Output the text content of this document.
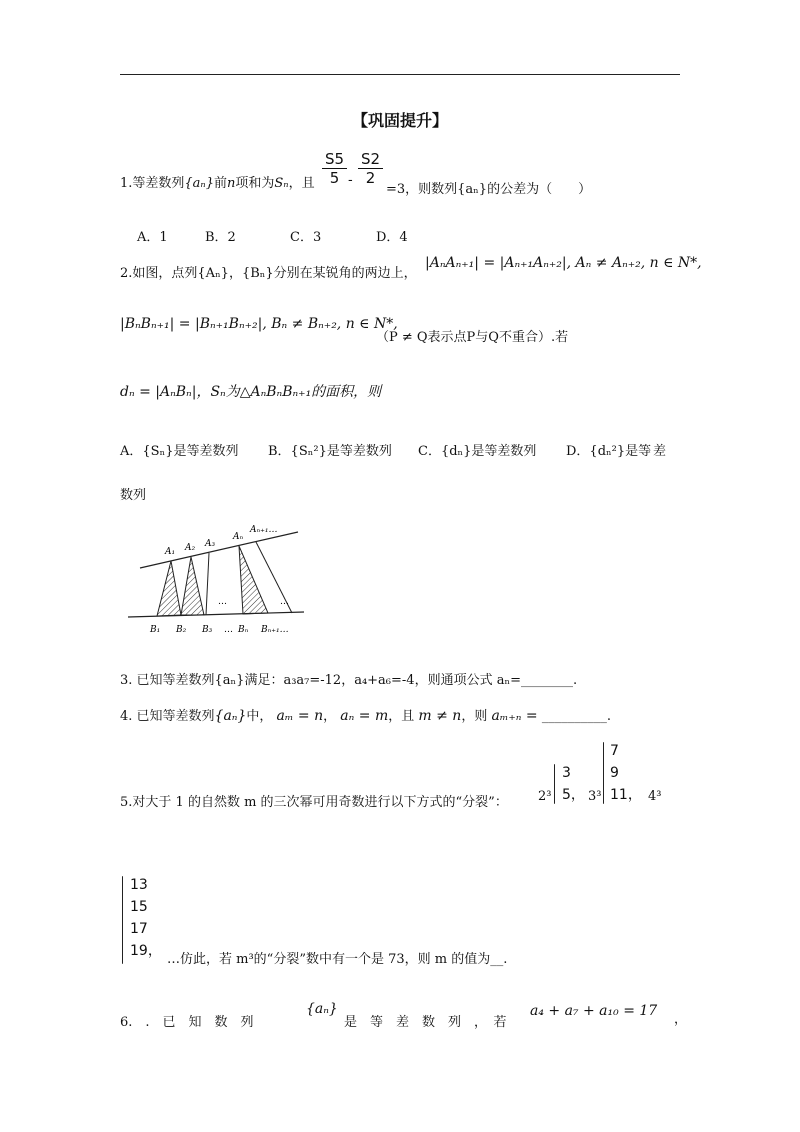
【巩固提升】
1.等差数列{aₙ}前n项和为Sₙ，且 $\frac{S5}{5} - \frac{S2}{2}$
=3，则数列{aₙ}的公差为（　　）
A．1	B．2	C．3	D．4
2.如图，点列{Aₙ}，{Bₙ}分别在某锐角的两边上，
|AₙAₙ₊₁| = |Aₙ₊₁Aₙ₊₂|, Aₙ ≠ Aₙ₊₂, n ∈ N*,
|BₙBₙ₊₁| = |Bₙ₊₁Bₙ₊₂|, Bₙ ≠ Bₙ₊₂, n ∈ N*,
（P ≠ Q表示点P与Q不重合）.若
dₙ = |AₙBₙ|，Sₙ为△AₙBₙBₙ₊₁的面积，则
A．{Sₙ}是等差数列 B．{Sₙ²}是等差数列 C．{dₙ}是等差数列 D．{dₙ²}是等 差
数列
A₁ A₂ A₃
Aₙ
Aₙ₊₁…
…	…
B₁ B₂ B₃ … Bₙ Bₙ₊₁…
3. 已知等差数列{aₙ}满足：a₃a₇=-12，a₄+a₆=-4，则通项公式 aₙ=________.
4. 已知等差数列{aₙ}中， aₘ = n， aₙ = m，且 m ≠ n，则 aₘ₊ₙ = __________.
5.对大于 1 的自然数 m 的三次幂可用奇数进行以下方式的“分裂”： 2³
3
5， 3³
7
9
11， 4³
13
15
17
19，
…仿此，若 m³的“分裂”数中有一个是 73，则 m 的值为__.
6.　.　已　知　数　列
{aₙ}
是　等　差　数　列　，　若
a₄ + a₇ + a₁₀ = 17
，
